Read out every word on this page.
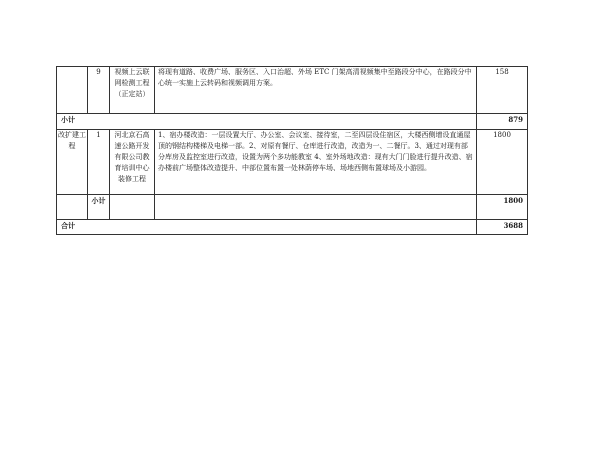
	9	视频上云联网检测工程（正定站）	将现有道路、收费广场、服务区、入口治超、外场 ETC 门架高清视频集中至路段分中心，在路段分中心统一实施上云转码和视频调用方案。	158
小计				879
改扩建工程	1	河北京石高速公路开发有限公司教育培训中心装修工程	1、宿办楼改造：一层设置大厅、办公室、会议室、接待室，二至四层设住宿区，大楼西侧增设直通屋顶的钢结构楼梯及电梯一部。2、对原有餐厅、仓库进行改造，改造为一、二餐厅。3、通过对现有部分库房及监控室进行改造，设置为两个多功能教室 4、室外场地改造：现有大门门脸进行提升改造、宿办楼前广场整体改造提升、中部位置布置一处林荫停车场、场地西侧布置球场及小游园。	1800
	小计			1800
合计				3688
